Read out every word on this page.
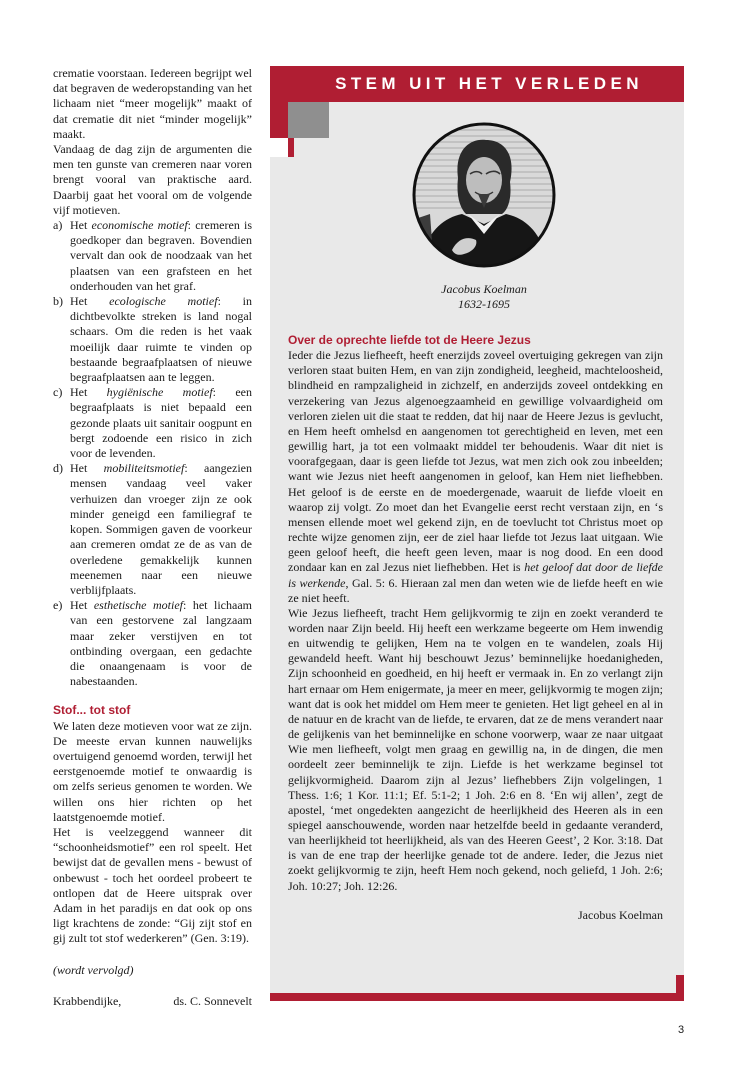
crematie voorstaan. Iedereen begrijpt wel dat begraven de wederopstanding van het lichaam niet “meer mogelijk” maakt of dat crematie dit niet “minder mogelijk” maakt.

Vandaag de dag zijn de argumenten die men ten gunste van cremeren naar voren brengt vooral van praktische aard. Daarbij gaat het vooral om de volgende vijf motieven.

a) Het economische motief: cremeren is goedkoper dan begraven. Bovendien vervalt dan ook de noodzaak van het plaatsen van een grafsteen en het onderhouden van het graf.
b) Het ecologische motief: in dichtbevolkte streken is land nogal schaars. Om die reden is het vaak moeilijk daar ruimte te vinden op bestaande begraafplaatsen of nieuwe begraafplaatsen aan te leggen.
c) Het hygiënische motief: een begraafplaats is niet bepaald een gezonde plaats uit sanitair oogpunt en bergt zodoende een risico in zich voor de levenden.
d) Het mobiliteitsmotief: aangezien mensen vandaag veel vaker verhuizen dan vroeger zijn ze ook minder geneigd een familiegraf te kopen. Sommigen gaven de voorkeur aan cremeren omdat ze de as van de overledene gemakkelijk kunnen meenemen naar een nieuwe verblijfplaats.
e) Het esthetische motief: het lichaam van een gestorvene zal langzaam maar zeker verstijven en tot ontbinding overgaan, een gedachte die onaangenaam is voor de nabestaanden.

Stof... tot stof

We laten deze motieven voor wat ze zijn. De meeste ervan kunnen nauwelijks overtuigend genoemd worden, terwijl het eerstgenoemde motief te onwaardig is om zelfs serieus genomen te worden. We willen ons hier richten op het laatstgenoemde motief.

Het is veelzeggend wanneer dit “schoonheidsmotief” een rol speelt. Het bewijst dat de gevallen mens - bewust of onbewust - toch het oordeel probeert te ontlopen dat de Heere uitsprak over Adam in het paradijs en dat ook op ons ligt krachtens de zonde: “Gij zijt stof en gij zult tot stof wederkeren” (Gen. 3:19).

(wordt vervolgd)

Krabbendijke,	ds. C. Sonnevelt
STEM UIT HET VERLEDEN
Jacobus Koelman
1632-1695

Over de oprechte liefde tot de Heere Jezus

Ieder die Jezus liefheeft, heeft enerzijds zoveel overtuiging gekregen van zijn verloren staat buiten Hem, en van zijn zondigheid, leegheid, machteloosheid, blindheid en rampzaligheid in zichzelf, en anderzijds zoveel ontdekking en verzekering van Jezus algenoegzaamheid en gewillige volvaardigheid om verloren zielen uit die staat te redden, dat hij naar de Heere Jezus is gevlucht, en Hem heeft omhelsd en aangenomen tot gerechtigheid en leven, met een gewillig hart, ja tot een volmaakt middel ter behoudenis. Waar dit niet is voorafgegaan, daar is geen liefde tot Jezus, wat men zich ook zou inbeelden; want wie Jezus niet heeft aangenomen in geloof, kan Hem niet liefhebben. Het geloof is de eerste en de moedergenade, waaruit de liefde vloeit en waarop zij volgt. Zo moet dan het Evangelie eerst recht verstaan zijn, en ‘s mensen ellende moet wel gekend zijn, en de toevlucht tot Christus moet op rechte wijze genomen zijn, eer de ziel haar liefde tot Jezus laat uitgaan. Wie geen geloof heeft, die heeft geen leven, maar is nog dood. En een dood zondaar kan en zal Jezus niet liefhebben. Het is het geloof dat door de liefde is werkende, Gal. 5: 6. Hieraan zal men dan weten wie de liefde heeft en wie ze niet heeft.

Wie Jezus liefheeft, tracht Hem gelijkvormig te zijn en zoekt veranderd te worden naar Zijn beeld. Hij heeft een werkzame begeerte om Hem inwendig en uitwendig te gelijken, Hem na te volgen en te wandelen, zoals Hij gewandeld heeft. Want hij beschouwt Jezus’ beminnelijke hoedanigheden, Zijn schoonheid en goedheid, en hij heeft er vermaak in. En zo verlangt zijn hart ernaar om Hem enigermate, ja meer en meer, gelijkvormig te mogen zijn; want dat is ook het middel om Hem meer te genieten. Het ligt geheel en al in de natuur en de kracht van de liefde, te ervaren, dat ze de mens verandert naar de gelijkenis van het beminnelijke en schone voorwerp, waar ze naar uitgaat Wie men liefheeft, volgt men graag en gewillig na, in de dingen, die men oordeelt zeer beminnelijk te zijn. Liefde is het werkzame beginsel tot gelijkvormigheid. Daarom zijn al Jezus’ liefhebbers Zijn volgelingen, 1 Thess. 1:6; 1 Kor. 11:1; Ef. 5:1-2; 1 Joh. 2:6 en 8. ‘En wij allen’, zegt de apostel, ‘met ongedekten aangezicht de heerlijkheid des Heeren als in een spiegel aanschouwende, worden naar hetzelfde beeld in gedaante veranderd, van heerlijkheid tot heerlijkheid, als van des Heeren Geest’, 2 Kor. 3:18. Dat is van de ene trap der heerlijke genade tot de andere. Ieder, die Jezus niet zoekt gelijkvormig te zijn, heeft Hem noch gekend, noch geliefd, 1 Joh. 2:6; Joh. 10:27; Joh. 12:26.

Jacobus Koelman

3
